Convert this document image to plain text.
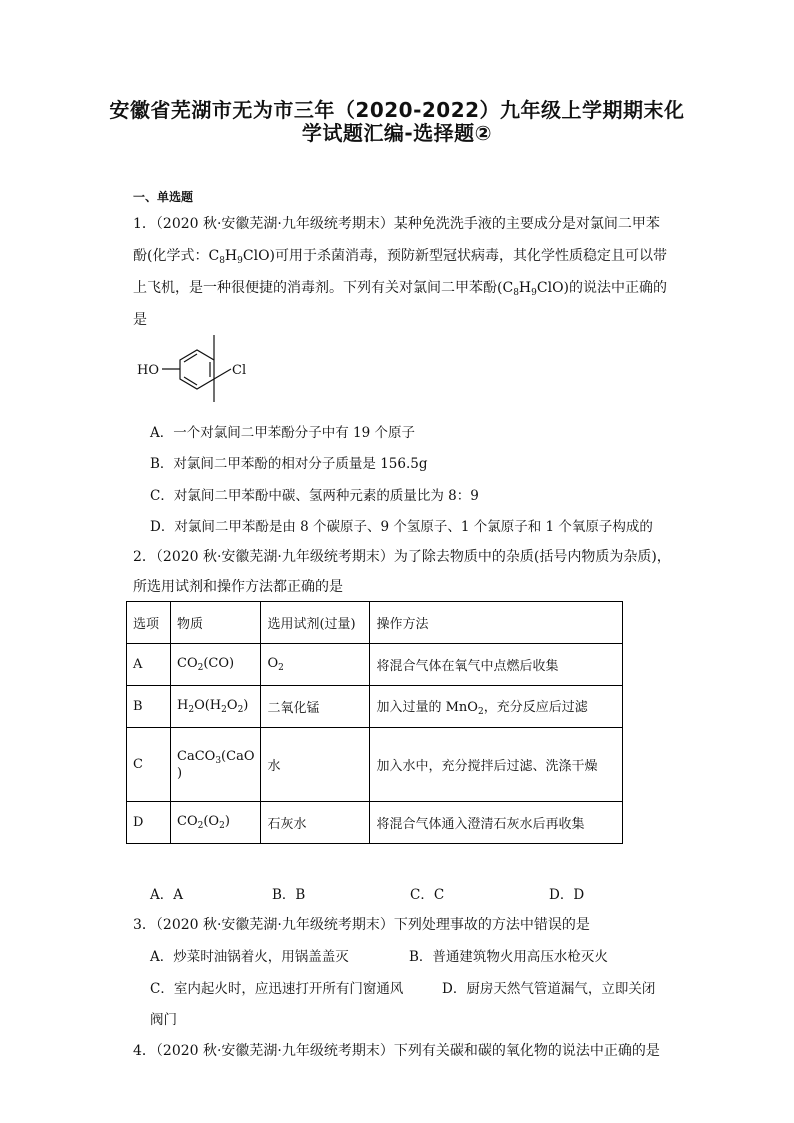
安徽省芜湖市无为市三年（2020-2022）九年级上学期期末化
学试题汇编-选择题②
一、单选题
1．（2020 秋·安徽芜湖·九年级统考期末）某种免洗洗手液的主要成分是对氯间二甲苯
酚(化学式：$C_8H_9ClO$)可用于杀菌消毒，预防新型冠状病毒，其化学性质稳定且可以带
上飞机，是一种很便捷的消毒剂。下列有关对氯间二甲苯酚$(C_8H_9ClO)$的说法中正确的
是
HO	Cl
A．一个对氯间二甲苯酚分子中有 19 个原子
B．对氯间二甲苯酚的相对分子质量是 156.5g
C．对氯间二甲苯酚中碳、氢两种元素的质量比为 8：9
D．对氯间二甲苯酚是由 8 个碳原子、9 个氢原子、1 个氯原子和 1 个氧原子构成的
2．（2020 秋·安徽芜湖·九年级统考期末）为了除去物质中的杂质(括号内物质为杂质)，
所选用试剂和操作方法都正确的是
选项	物质	选用试剂(过量)	操作方法
A	$CO_2(CO)$	$O_2$	将混合气体在氧气中点燃后收集
B	$H_2O(H_2O_2)$	二氧化锰	加入过量的 MnO$_2$，充分反应后过滤
C	CaCO$_3$(CaO
)	水	加入水中，充分搅拌后过滤、洗涤干燥
D	$CO_2(O_2)$	石灰水	将混合气体通入澄清石灰水后再收集
A．A	B．B	C．C	D．D
3．（2020 秋·安徽芜湖·九年级统考期末）下列处理事故的方法中错误的是
A．炒菜时油锅着火，用锅盖盖灭	B．普通建筑物火用高压水枪灭火
C．室内起火时，应迅速打开所有门窗通风	D．厨房天然气管道漏气，立即关闭
阀门
4．（2020 秋·安徽芜湖·九年级统考期末）下列有关碳和碳的氧化物的说法中正确的是
